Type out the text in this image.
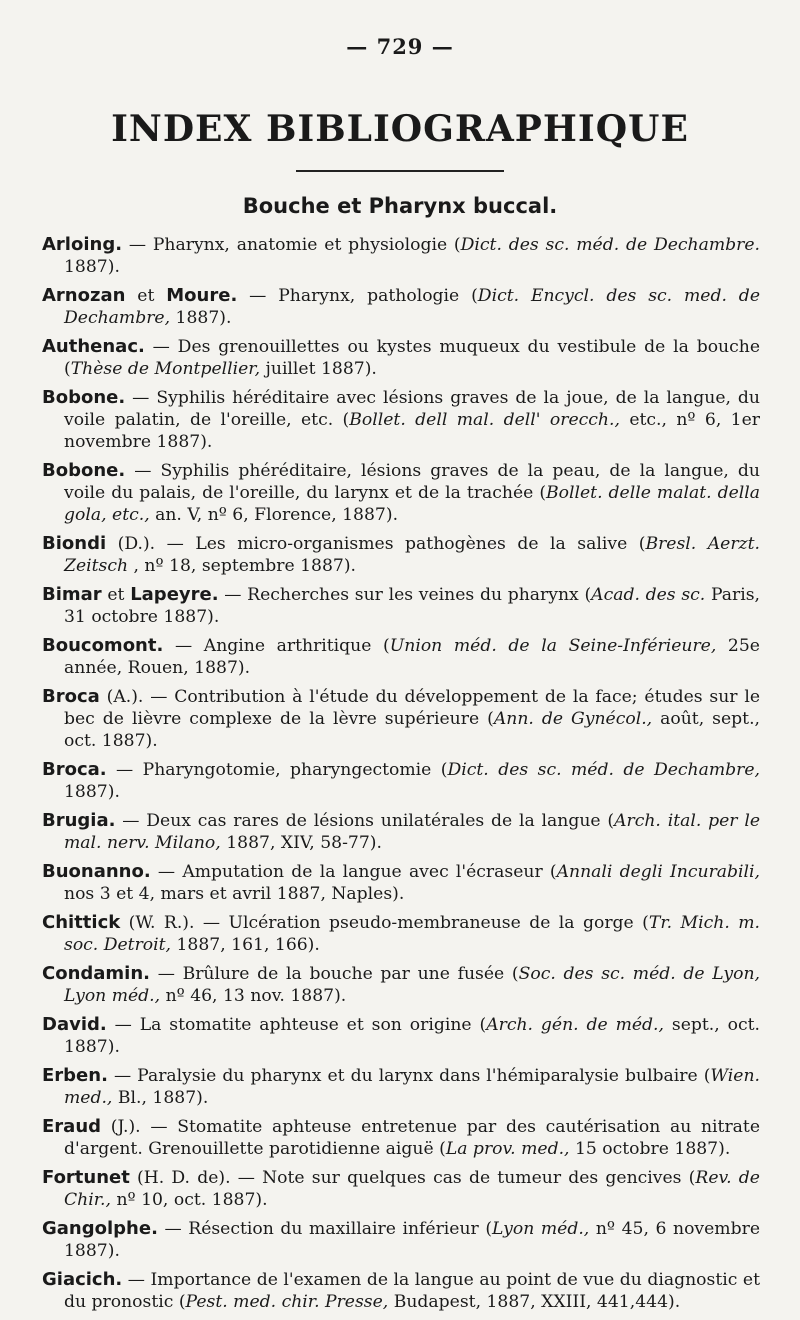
— 729 —
INDEX BIBLIOGRAPHIQUE
Bouche et Pharynx buccal.
Arloing. — Pharynx, anatomie et physiologie (Dict. des sc. méd. de Dechambre. 1887).
Arnozan et Moure. — Pharynx, pathologie (Dict. Encycl. des sc. med. de Dechambre, 1887).
Authenac. — Des grenouillettes ou kystes muqueux du vestibule de la bouche (Thèse de Montpellier, juillet 1887).
Bobone. — Syphilis héréditaire avec lésions graves de la joue, de la langue, du voile palatin, de l'oreille, etc. (Bollet. dell mal. dell' orecch., etc., nº 6, 1er novembre 1887).
Bobone. — Syphilis phéréditaire, lésions graves de la peau, de la langue, du voile du palais, de l'oreille, du larynx et de la trachée (Bollet. delle malat. della gola, etc., an. V, nº 6, Florence, 1887).
Biondi (D.). — Les micro-organismes pathogènes de la salive (Bresl. Aerzt. Zeitsch , nº 18, septembre 1887).
Bimar et Lapeyre. — Recherches sur les veines du pharynx (Acad. des sc. Paris, 31 octobre 1887).
Boucomont. — Angine arthritique (Union méd. de la Seine-Inférieure, 25e année, Rouen, 1887).
Broca (A.). — Contribution à l'étude du développement de la face; études sur le bec de lièvre complexe de la lèvre supérieure (Ann. de Gynécol., août, sept., oct. 1887).
Broca. — Pharyngotomie, pharyngectomie (Dict. des sc. méd. de Dechambre, 1887).
Brugia. — Deux cas rares de lésions unilatérales de la langue (Arch. ital. per le mal. nerv. Milano, 1887, XIV, 58-77).
Buonanno. — Amputation de la langue avec l'écraseur (Annali degli Incurabili, nos 3 et 4, mars et avril 1887, Naples).
Chittick (W. R.). — Ulcération pseudo-membraneuse de la gorge (Tr. Mich. m. soc. Detroit, 1887, 161, 166).
Condamin. — Brûlure de la bouche par une fusée (Soc. des sc. méd. de Lyon, Lyon méd., nº 46, 13 nov. 1887).
David. — La stomatite aphteuse et son origine (Arch. gén. de méd., sept., oct. 1887).
Erben. — Paralysie du pharynx et du larynx dans l'hémiparalysie bulbaire (Wien. med., Bl., 1887).
Eraud (J.). — Stomatite aphteuse entretenue par des cautérisation au nitrate d'argent. Grenouillette parotidienne aiguë (La prov. med., 15 octobre 1887).
Fortunet (H. D. de). — Note sur quelques cas de tumeur des gencives (Rev. de Chir., nº 10, oct. 1887).
Gangolphe. — Résection du maxillaire inférieur (Lyon méd., nº 45, 6 novembre 1887).
Giacich. — Importance de l'examen de la langue au point de vue du diagnostic et du pronostic (Pest. med. chir. Presse, Budapest, 1887, XXIII, 441,444).
